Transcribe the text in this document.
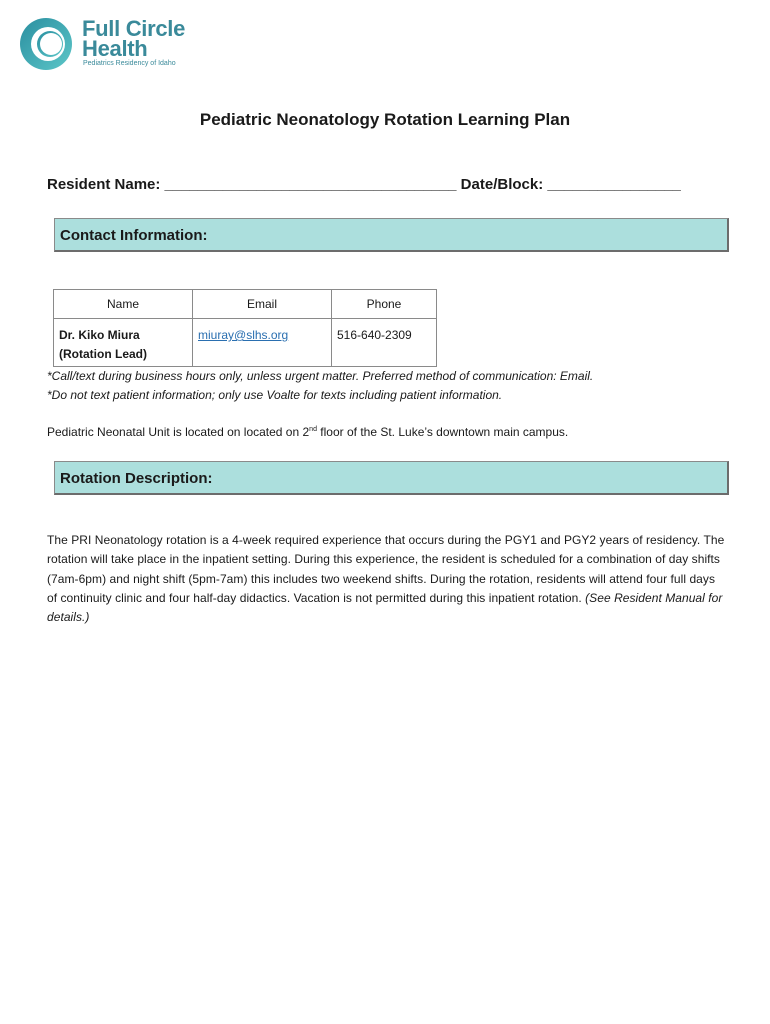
Full Circle
Health
Pediatrics Residency of Idaho
Pediatric Neonatology Rotation Learning Plan
Resident Name: ___________________________________ Date/Block: ________________
Contact Information:
Name	Email	Phone

Dr. Kiko Miura
(Rotation Lead)	miuray@slhs.org	516-640-2309
*Call/text during business hours only, unless urgent matter. Preferred method of communication: Email.
*Do not text patient information; only use Voalte for texts including patient information.
Pediatric Neonatal Unit is located on located on 2nd floor of the St. Luke’s downtown main campus.
Rotation Description:
The PRI Neonatology rotation is a 4-week required experience that occurs during the PGY1 and PGY2 years of residency. The rotation will take place in the inpatient setting. During this experience, the resident is scheduled for a combination of day shifts (7am-6pm) and night shift (5pm-7am) this includes two weekend shifts. During the rotation, residents will attend four full days of continuity clinic and four half-day didactics. Vacation is not permitted during this inpatient rotation. (See Resident Manual for details.)
